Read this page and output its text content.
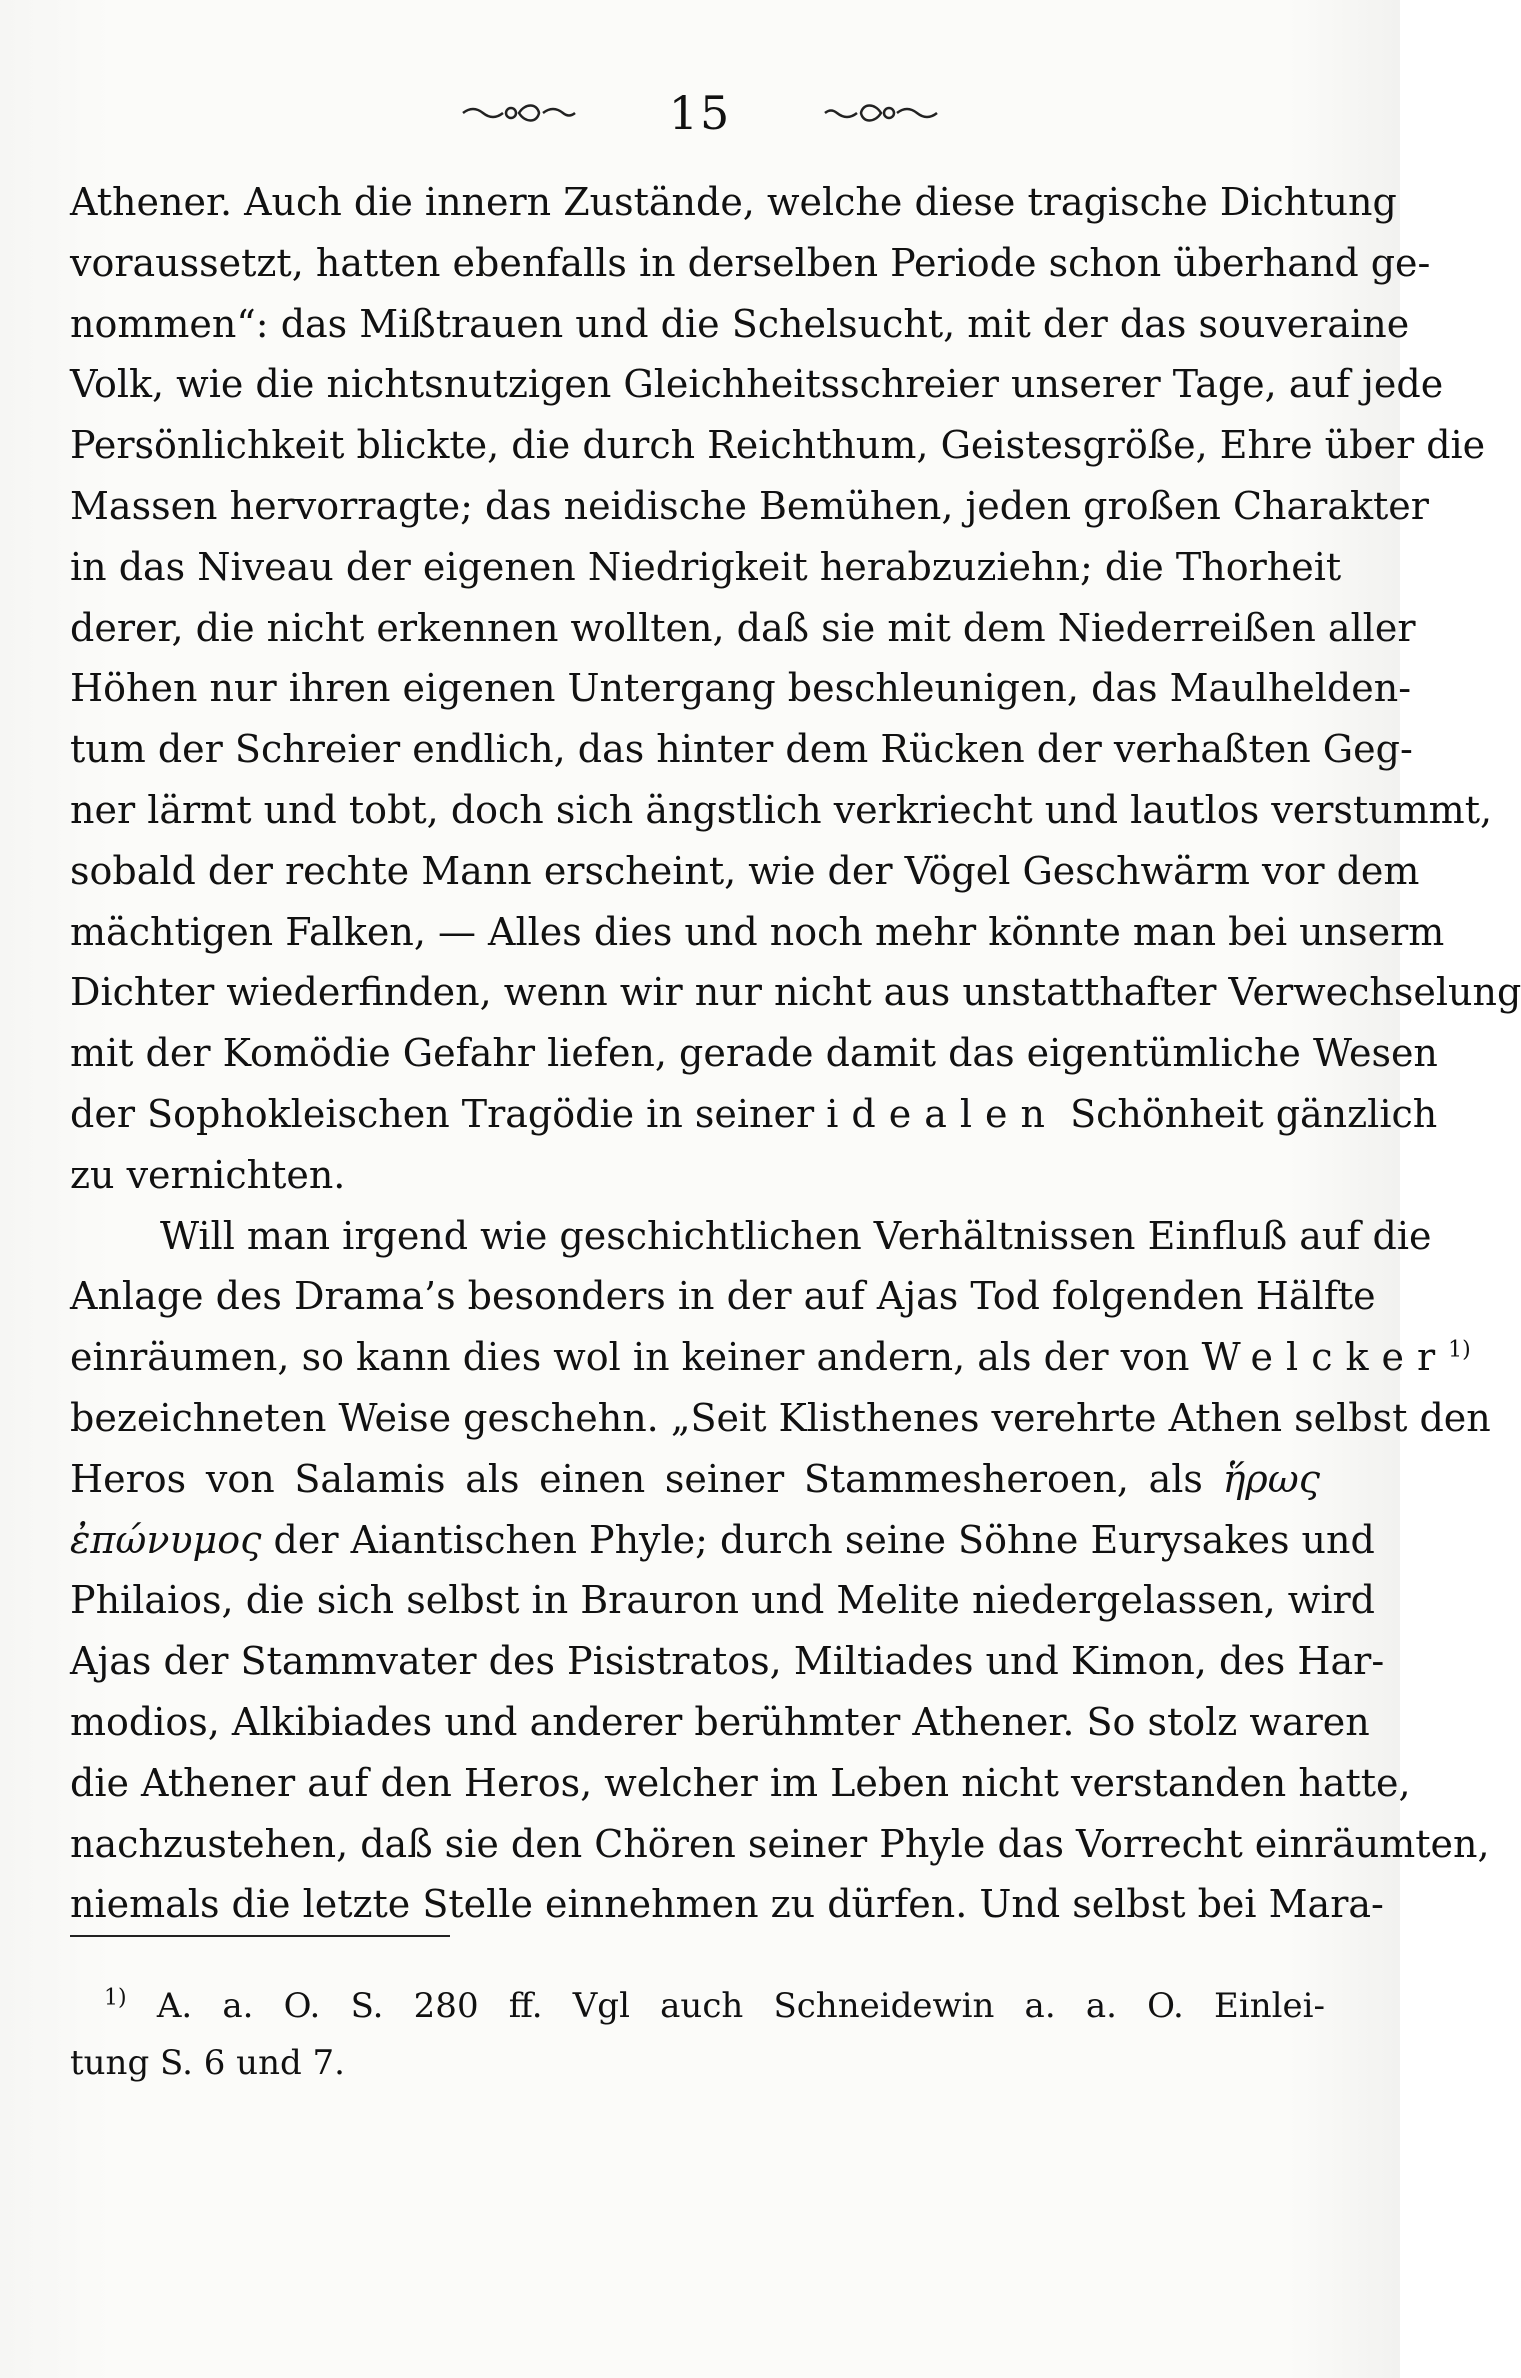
15
Athener. Auch die innern Zustände, welche diese tragische Dichtung
voraussetzt, hatten ebenfalls in derselben Periode schon überhand ge-
nommen“: das Mißtrauen und die Schelsucht, mit der das souveraine
Volk, wie die nichtsnutzigen Gleichheitsschreier unserer Tage, auf jede
Persönlichkeit blickte, die durch Reichthum, Geistesgröße, Ehre über die
Massen hervorragte; das neidische Bemühen, jeden großen Charakter
in das Niveau der eigenen Niedrigkeit herabzuziehn; die Thorheit
derer, die nicht erkennen wollten, daß sie mit dem Niederreißen aller
Höhen nur ihren eigenen Untergang beschleunigen, das Maulhelden-
tum der Schreier endlich, das hinter dem Rücken der verhaßten Geg-
ner lärmt und tobt, doch sich ängstlich verkriecht und lautlos verstummt,
sobald der rechte Mann erscheint, wie der Vögel Geschwärm vor dem
mächtigen Falken, — Alles dies und noch mehr könnte man bei unserm
Dichter wiederfinden, wenn wir nur nicht aus unstatthafter Verwechselung
mit der Komödie Gefahr liefen, gerade damit das eigentümliche Wesen
der Sophokleischen Tragödie in seiner idealen Schönheit gänzlich
zu vernichten.
Will man irgend wie geschichtlichen Verhältnissen Einfluß auf die
Anlage des Drama’s besonders in der auf Ajas Tod folgenden Hälfte
einräumen, so kann dies wol in keiner andern, als der von Welcker$^{1)}$
bezeichneten Weise geschehn. „Seit Klisthenes verehrte Athen selbst den
Heros von Salamis als einen seiner Stammesheroen, als ἥρως
ἐπώνυμος der Aiantischen Phyle; durch seine Söhne Eurysakes und
Philaios, die sich selbst in Brauron und Melite niedergelassen, wird
Ajas der Stammvater des Pisistratos, Miltiades und Kimon, des Har-
modios, Alkibiades und anderer berühmter Athener. So stolz waren
die Athener auf den Heros, welcher im Leben nicht verstanden hatte,
nachzustehen, daß sie den Chören seiner Phyle das Vorrecht einräumten,
niemals die letzte Stelle einnehmen zu dürfen. Und selbst bei Mara-
$^{1)}$ A. a. O. S. 280 ff. Vgl auch Schneidewin a. a. O. Einlei-
tung S. 6 und 7.
